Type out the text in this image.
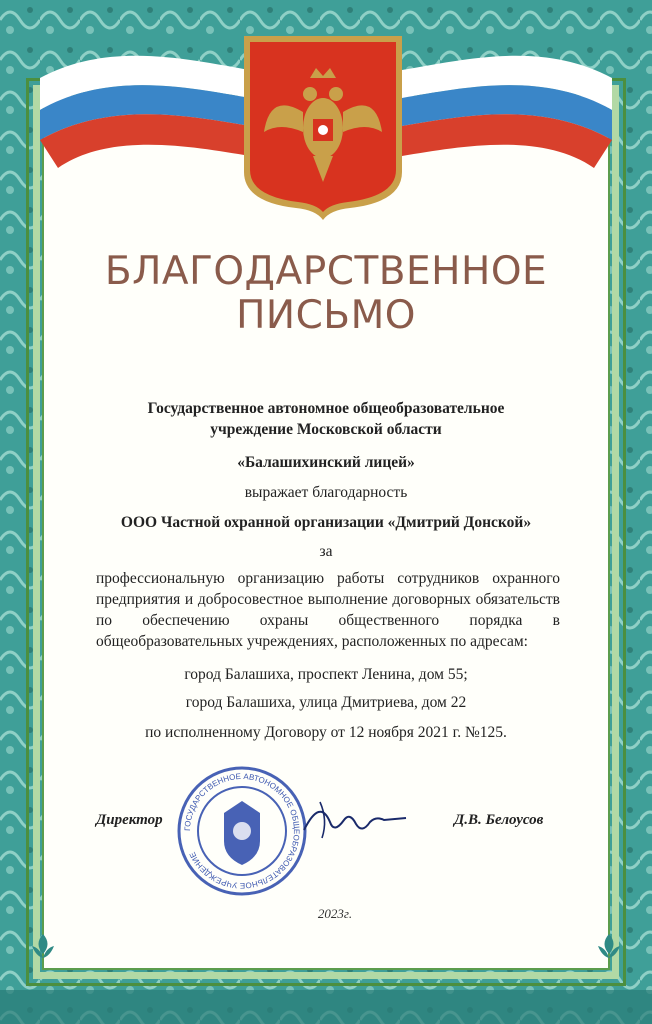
БЛАГОДАРСТВЕННОЕ
ПИСЬМО
Государственное автономное общеобразовательное
учреждение Московской области
«Балашихинский лицей»
выражает благодарность
ООО Частной охранной организации «Дмитрий Донской»
за
профессиональную организацию работы сотрудников охранного предприятия и добросовестное выполнение договорных обязательств по обеспечению охраны общественного порядка в общеобразовательных учреждениях, расположенных по адресам:
город Балашиха, проспект Ленина, дом 55;
город Балашиха, улица Дмитриева, дом 22
по исполненному Договору от 12 ноября 2021 г. №125.
Директор	Д.В. Белоусов
ГОСУДАРСТВЕННОЕ АВТОНОМНОЕ ОБЩЕОБРАЗОВАТЕЛЬНОЕ УЧРЕЖДЕНИЕ
2023г.
